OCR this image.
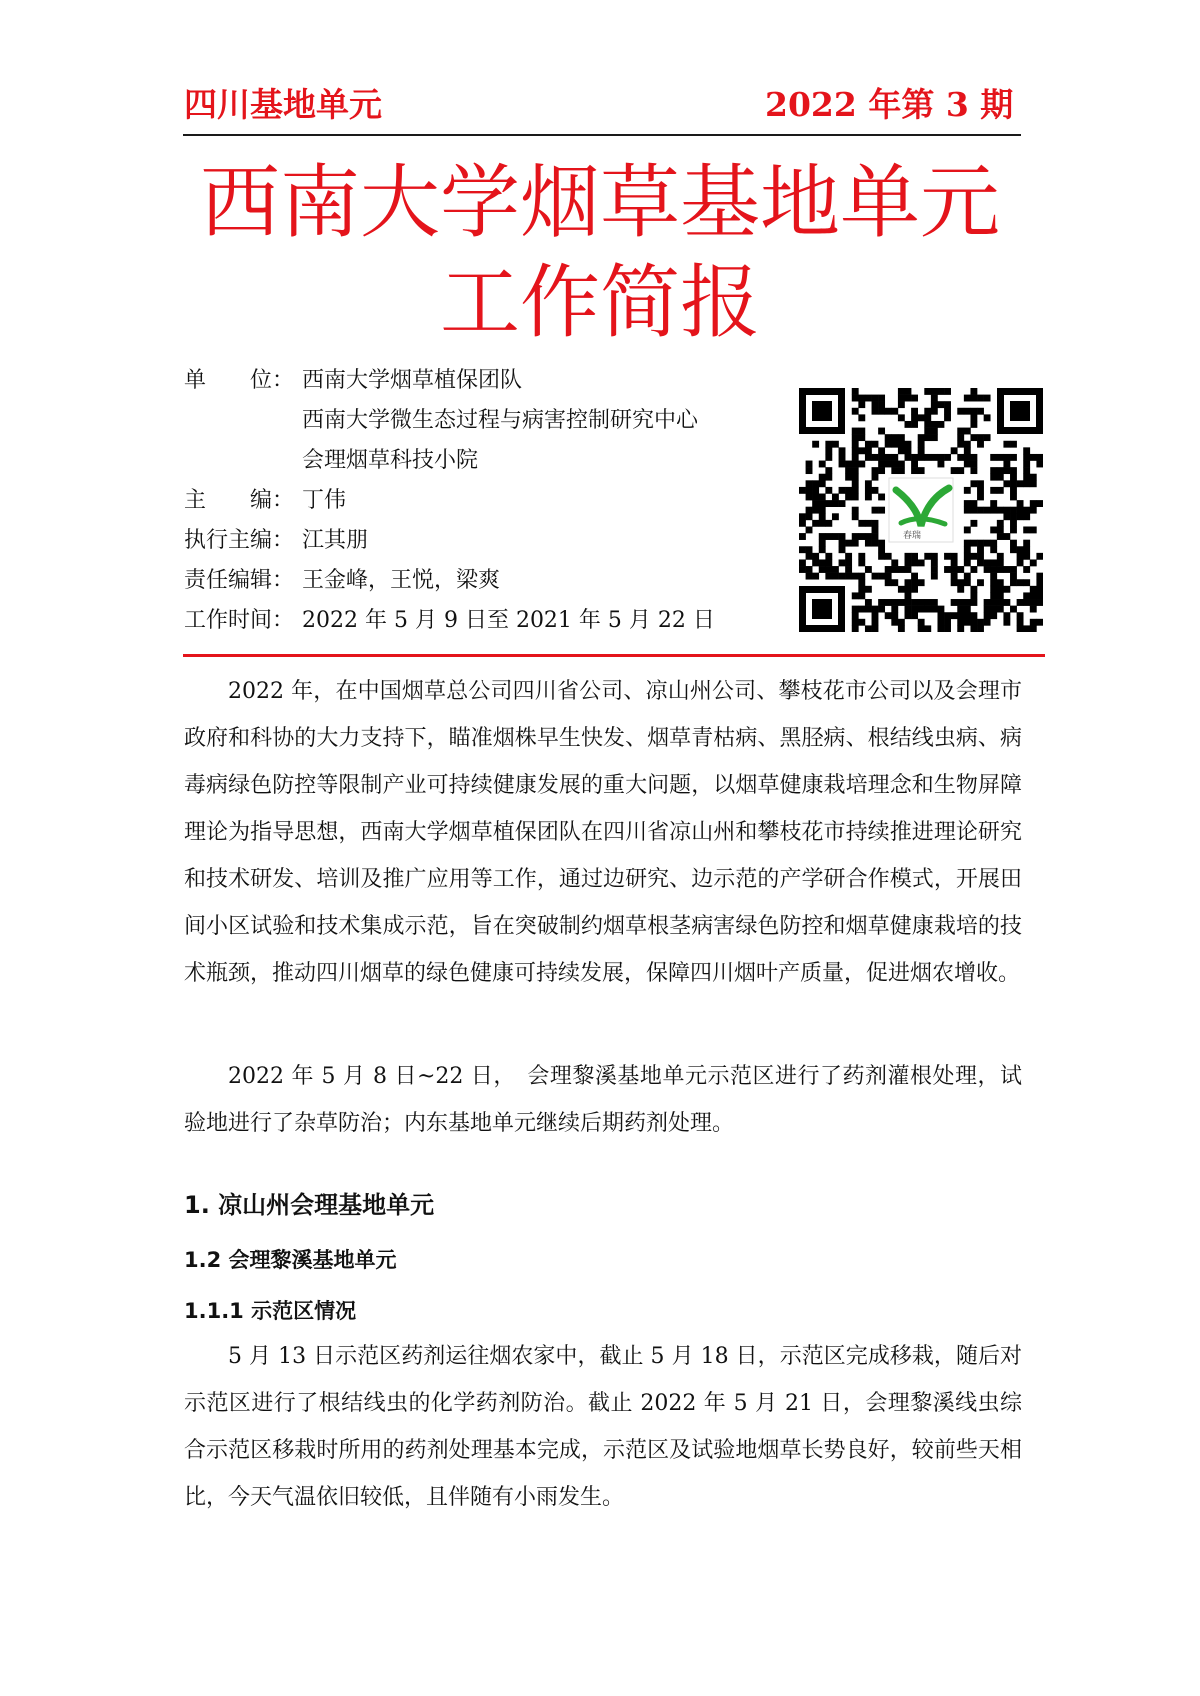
四川基地单元	2022 年第 3 期
西南大学烟草基地单元
工作简报
单　　位： 西南大学烟草植保团队
西南大学微生态过程与病害控制研究中心
会理烟草科技小院
主　　编： 丁伟
执行主编： 江其朋
责任编辑： 王金峰，王悦，梁爽
工作时间： 2022 年 5 月 9 日至 2021 年 5 月 22 日
春瑞

2022 年，在中国烟草总公司四川省公司、凉山州公司、攀枝花市公司以及会理市政府和科协的大力支持下，瞄准烟株早生快发、烟草青枯病、黑胫病、根结线虫病、病毒病绿色防控等限制产业可持续健康发展的重大问题，以烟草健康栽培理念和生物屏障理论为指导思想，西南大学烟草植保团队在四川省凉山州和攀枝花市持续推进理论研究和技术研发、培训及推广应用等工作，通过边研究、边示范的产学研合作模式，开展田间小区试验和技术集成示范，旨在突破制约烟草根茎病害绿色防控和烟草健康栽培的技术瓶颈，推动四川烟草的绿色健康可持续发展，保障四川烟叶产质量，促进烟农增收。

2022 年 5 月 8 日~22 日，　会理黎溪基地单元示范区进行了药剂灌根处理，试验地进行了杂草防治；内东基地单元继续后期药剂处理。

1. 凉山州会理基地单元
1.2 会理黎溪基地单元
1.1.1 示范区情况

5 月 13 日示范区药剂运往烟农家中，截止 5 月 18 日，示范区完成移栽，随后对示范区进行了根结线虫的化学药剂防治。截止 2022 年 5 月 21 日，会理黎溪线虫综合示范区移栽时所用的药剂处理基本完成，示范区及试验地烟草长势良好，较前些天相比，今天气温依旧较低，且伴随有小雨发生。
